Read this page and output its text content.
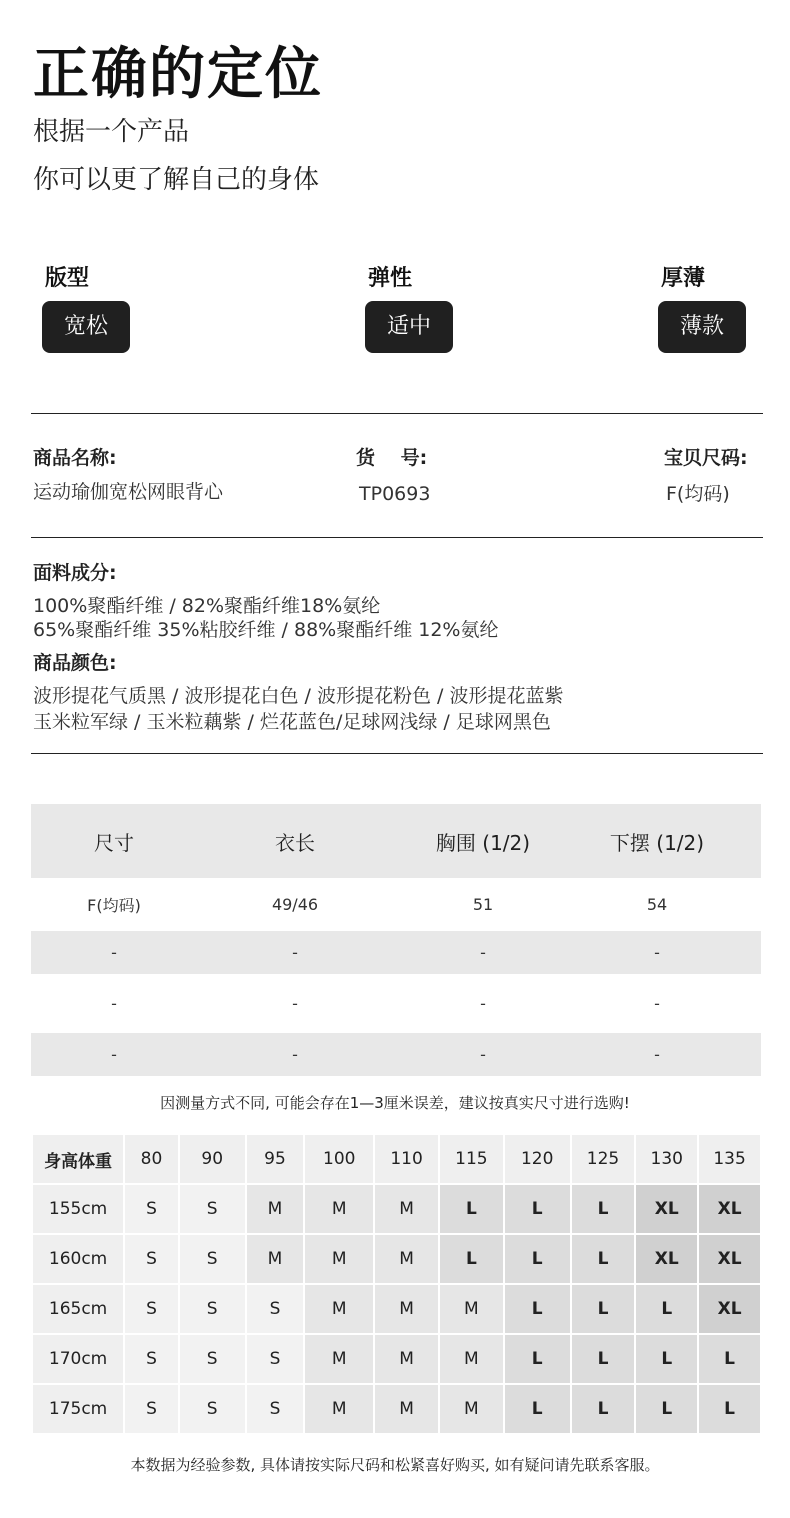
正确的定位
根据一个产品
你可以更了解自己的身体
版型
宽松
弹性
适中
厚薄
薄款
商品名称:
运动瑜伽宽松网眼背心
货　 号:
TP0693
宝贝尺码:
F(均码)
面料成分:
100%聚酯纤维 / 82%聚酯纤维18%氨纶
65%聚酯纤维 35%粘胶纤维 / 88%聚酯纤维 12%氨纶
商品颜色:
波形提花气质黑 / 波形提花白色 / 波形提花粉色 / 波形提花蓝紫
玉米粒军绿 / 玉米粒藕紫 / 烂花蓝色/足球网浅绿 / 足球网黑色
尺寸	衣长	胸围 (1/2)	下摆 (1/2)
F(均码)	49/46	51	54
-	-	-	-
-	-	-	-
-	-	-	-
因测量方式不同, 可能会存在1—3厘米误差，建议按真实尺寸进行选购!
身高体重	80	90	95	100	110	115	120	125	130	135
155cm	S	S	M	M	M	L	L	L	XL	XL
160cm	S	S	M	M	M	L	L	L	XL	XL
165cm	S	S	S	M	M	M	L	L	L	XL
170cm	S	S	S	M	M	M	L	L	L	L
175cm	S	S	S	M	M	M	L	L	L	L
本数据为经验参数, 具体请按实际尺码和松紧喜好购买, 如有疑问请先联系客服。
